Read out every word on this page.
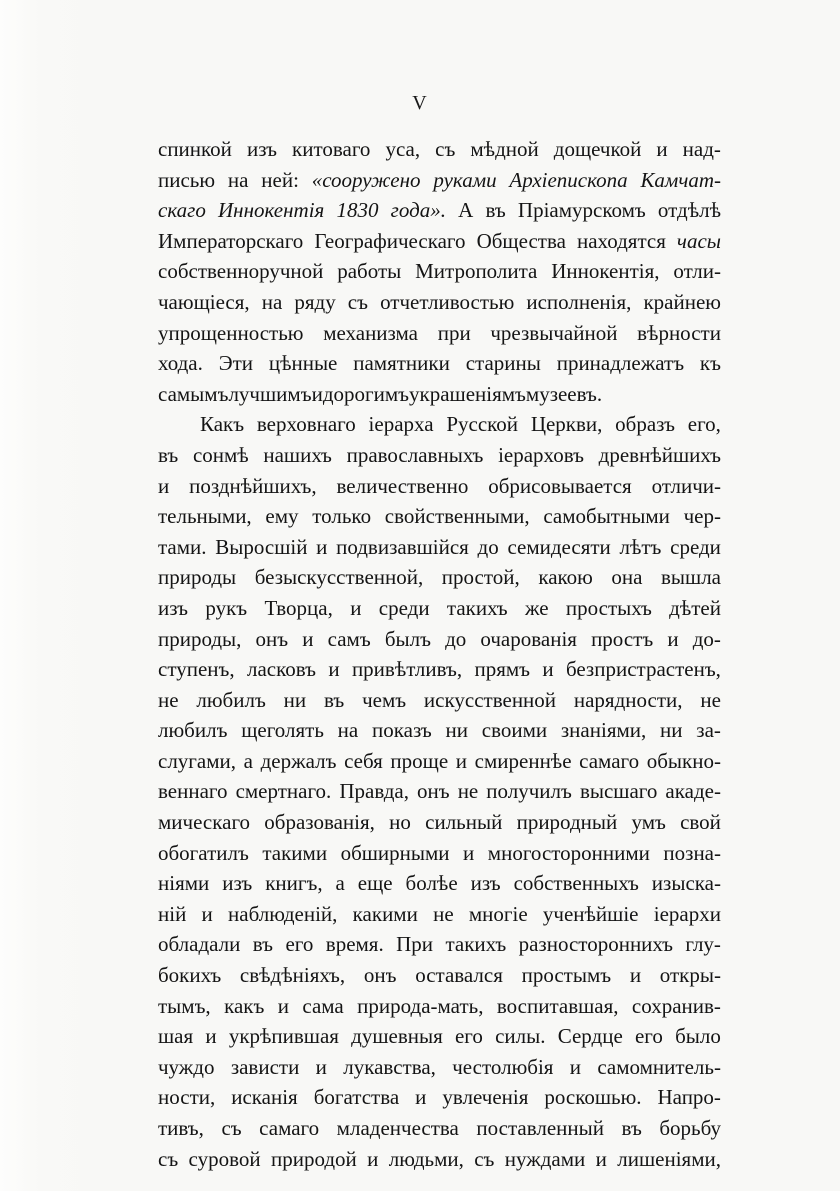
V
спинкой изъ китоваго уса, съ мѣдной дощечкой и над-
писью на ней: «сооружено руками Архіепископа Камчат-
скаго Иннокентія 1830 года». А въ Пріамурскомъ отдѣлѣ
Императорскаго Географическаго Общества находятся часы
собственноручной работы Митрополита Иннокентія, отли-
чающіеся, на ряду съ отчетливостью исполненія, крайнею
упрощенностью механизма при чрезвычайной вѣрности
хода. Эти цѣнные памятники старины принадлежатъ къ
самымъ лучшимъ и дорогимъ украшеніямъ музеевъ.
Какъ верховнаго іерарха Русской Церкви, образъ его,
въ сонмѣ нашихъ православныхъ іерарховъ древнѣйшихъ
и позднѣйшихъ, величественно обрисовывается отличи-
тельными, ему только свойственными, самобытными чер-
тами. Выросшій и подвизавшійся до семидесяти лѣтъ среди
природы безыскусственной, простой, какою она вышла
изъ рукъ Творца, и среди такихъ же простыхъ дѣтей
природы, онъ и самъ былъ до очарованія простъ и до-
ступенъ, ласковъ и привѣтливъ, прямъ и безпристрастенъ,
не любилъ ни въ чемъ искусственной нарядности, не
любилъ щеголять на показъ ни своими знаніями, ни за-
слугами, а держалъ себя проще и смиреннѣе самаго обыкно-
веннаго смертнаго. Правда, онъ не получилъ высшаго акаде-
мическаго образованія, но сильный природный умъ свой
обогатилъ такими обширными и многосторонними позна-
ніями изъ книгъ, а еще болѣе изъ собственныхъ изыска-
ній и наблюденій, какими не многіе ученѣйшіе іерархи
обладали въ его время. При такихъ разностороннихъ глу-
бокихъ свѣдѣніяхъ, онъ оставался простымъ и откры-
тымъ, какъ и сама природа-мать, воспитавшая, сохранив-
шая и укрѣпившая душевныя его силы. Сердце его было
чуждо зависти и лукавства, честолюбія и самомнитель-
ности, исканія богатства и увлеченія роскошью. Напро-
тивъ, съ самаго младенчества поставленный въ борьбу
съ суровой природой и людьми, съ нуждами и лишеніями,
